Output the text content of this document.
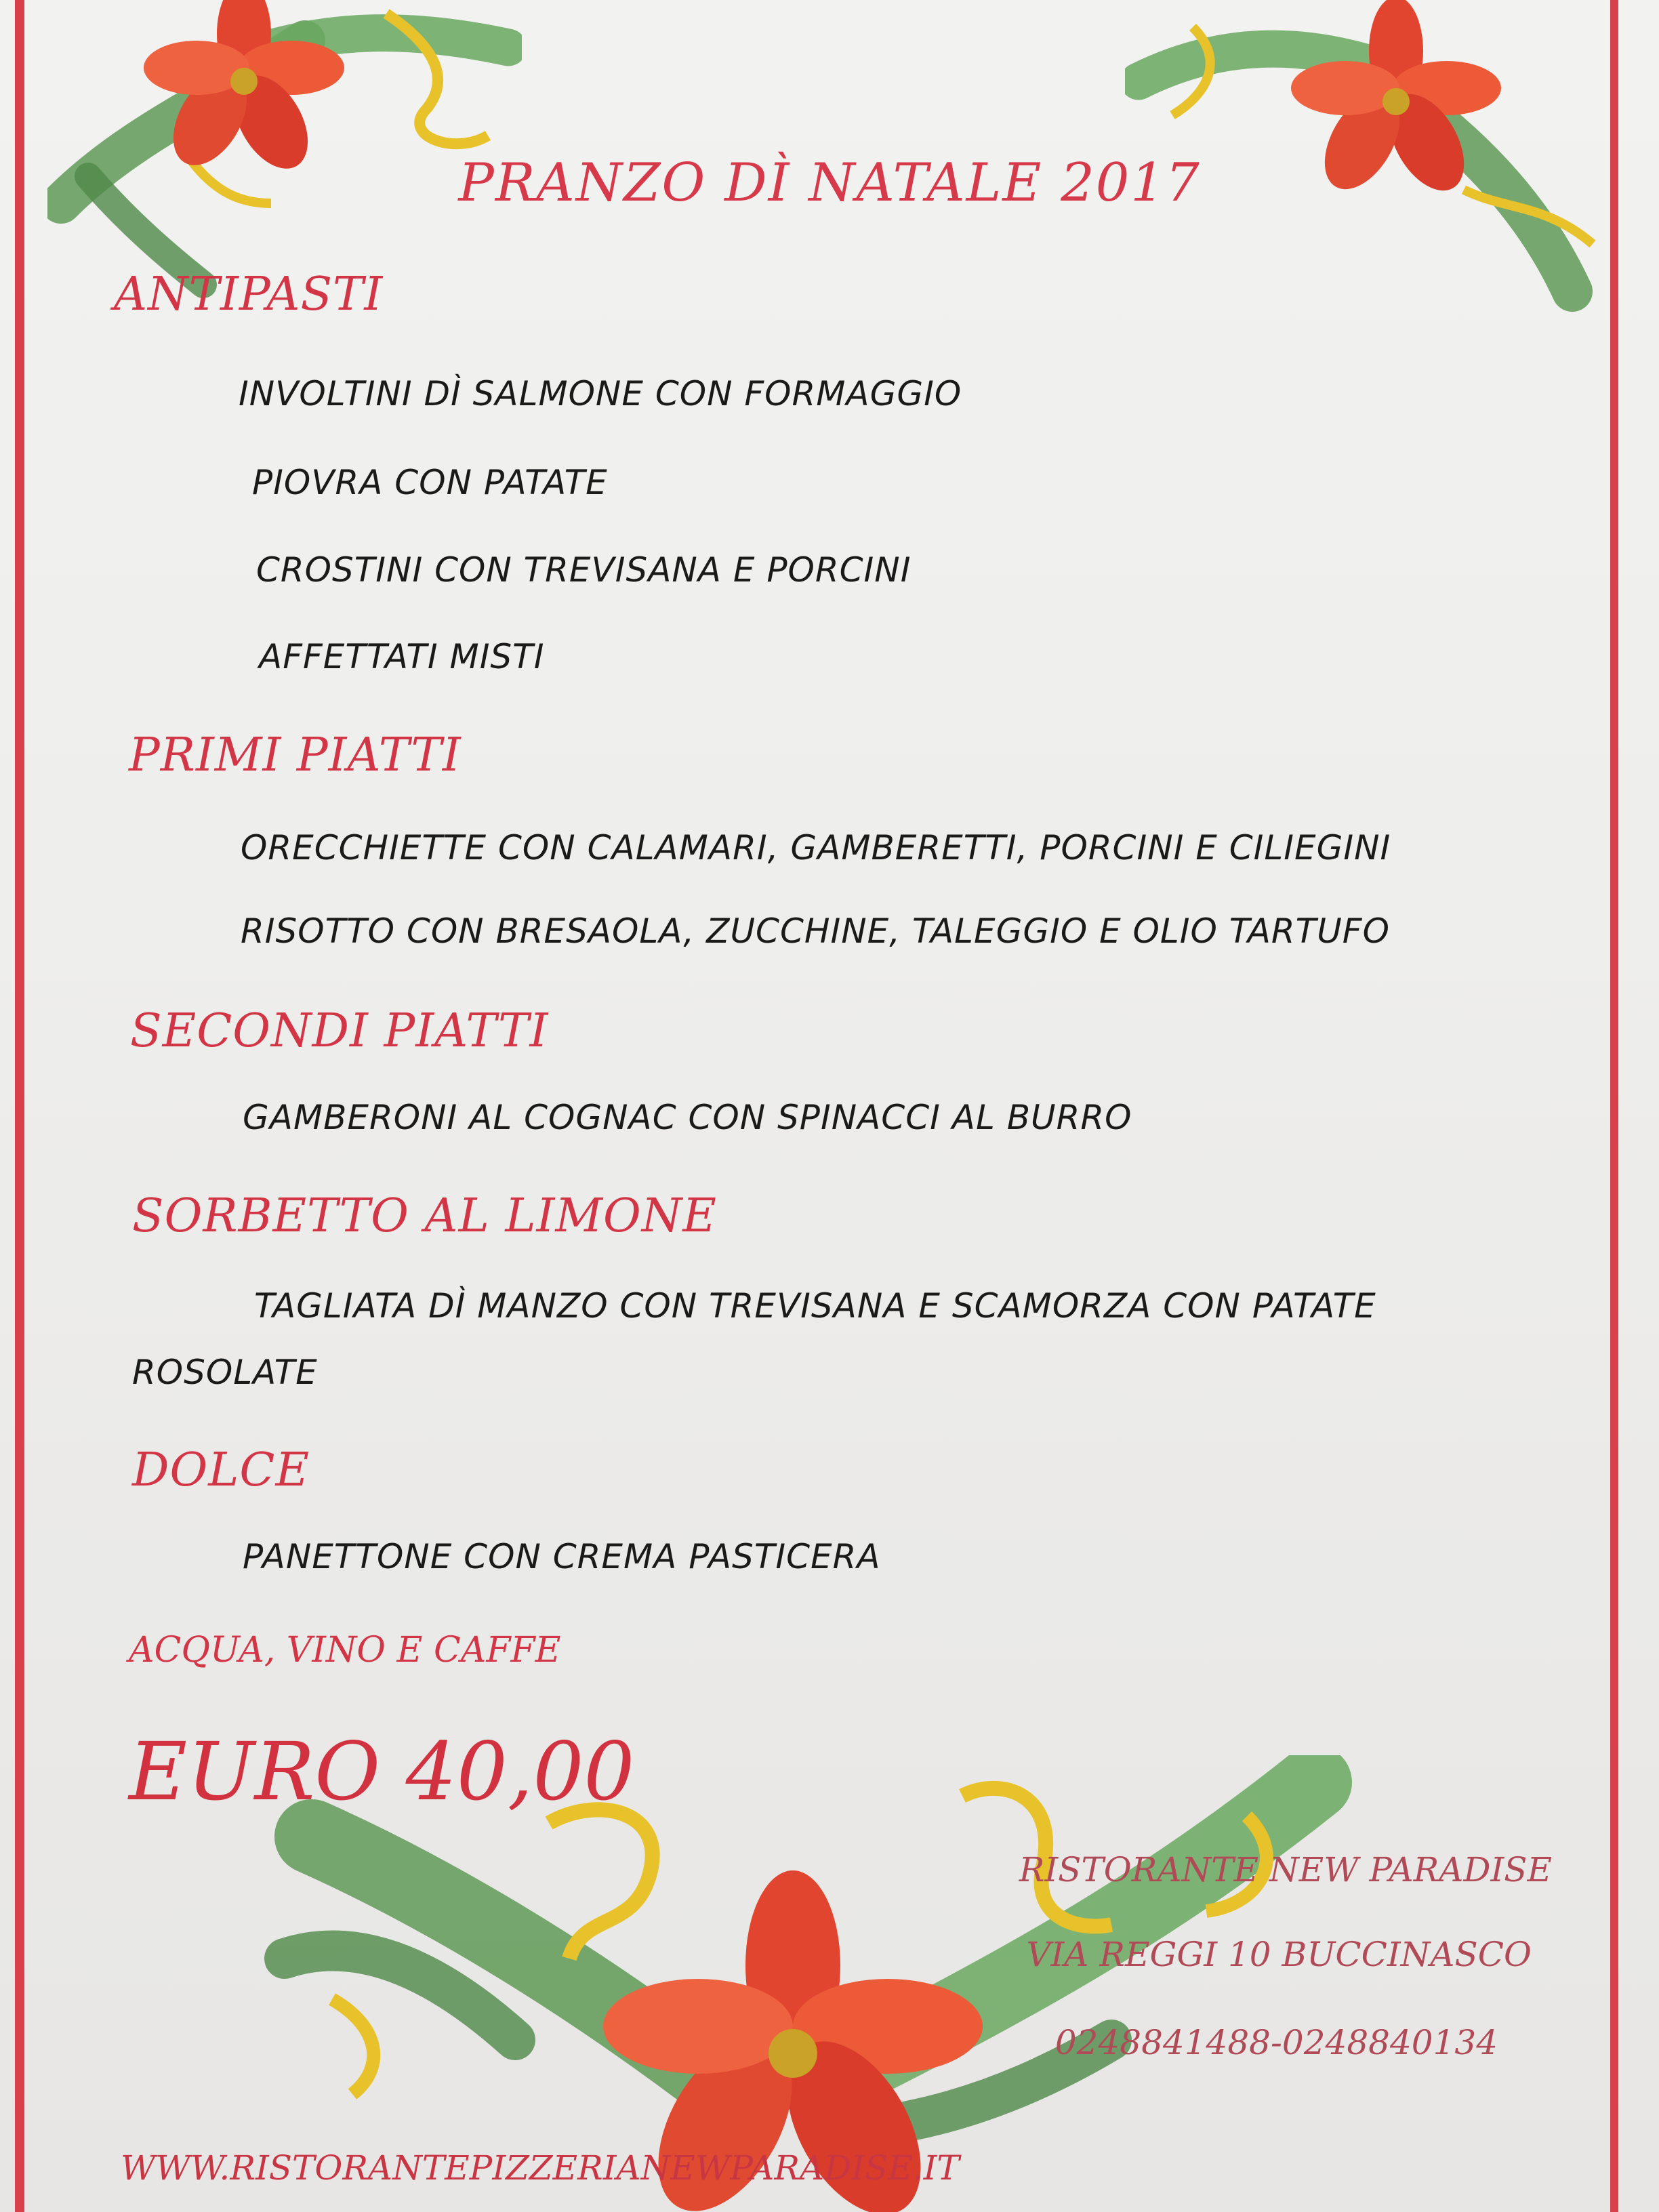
PRANZO DÌ NATALE 2017
ANTIPASTI
INVOLTINI DÌ SALMONE CON FORMAGGIO
PIOVRA CON PATATE
CROSTINI CON TREVISANA E PORCINI
AFFETTATI MISTI
PRIMI PIATTI
ORECCHIETTE CON CALAMARI, GAMBERETTI, PORCINI E CILIEGINI
RISOTTO CON BRESAOLA, ZUCCHINE, TALEGGIO E OLIO TARTUFO
SECONDI PIATTI
GAMBERONI AL COGNAC CON SPINACCI AL BURRO
SORBETTO AL LIMONE
TAGLIATA DÌ MANZO CON TREVISANA E SCAMORZA CON PATATE
ROSOLATE
DOLCE
PANETTONE CON CREMA PASTICERA
ACQUA, VINO E CAFFE
EURO 40,00
RISTORANTE NEW PARADISE
VIA REGGI 10 BUCCINASCO
0248841488-0248840134
WWW.RISTORANTEPIZZERIANEWPARADISE.IT
